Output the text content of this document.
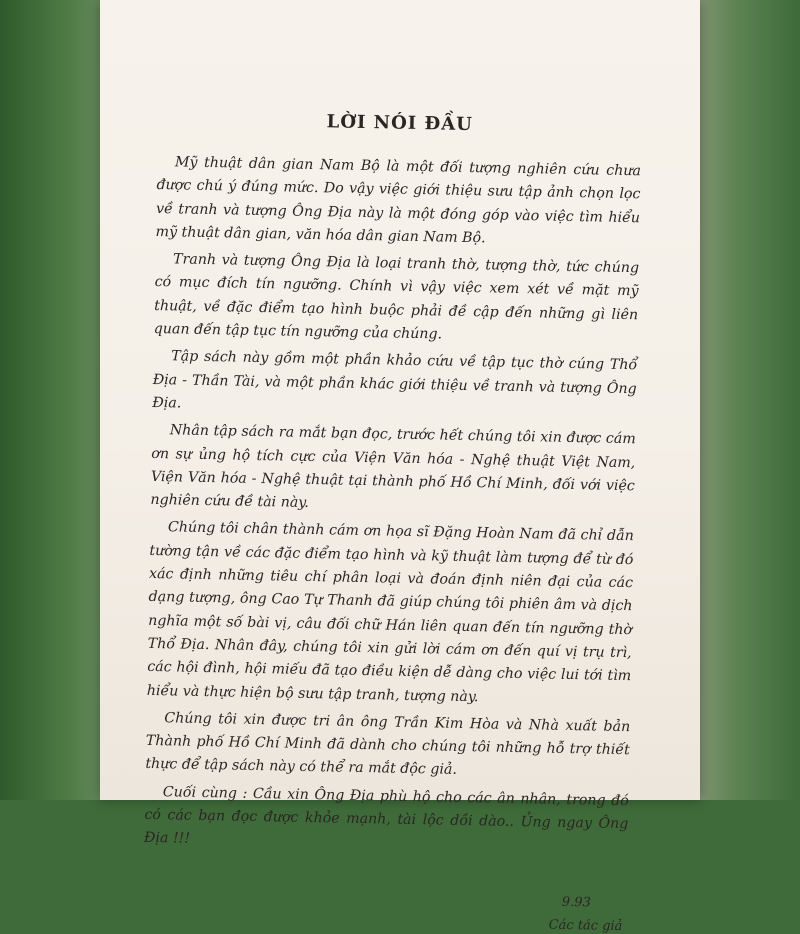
LỜI NÓI ĐẦU

Mỹ thuật dân gian Nam Bộ là một đối tượng nghiên cứu chưa được chú ý đúng mức. Do vậy việc giới thiệu sưu tập ảnh chọn lọc về tranh và tượng Ông Địa này là một đóng góp vào việc tìm hiểu mỹ thuật dân gian, văn hóa dân gian Nam Bộ.

Tranh và tượng Ông Địa là loại tranh thờ, tượng thờ, tức chúng có mục đích tín ngưỡng. Chính vì vậy việc xem xét về mặt mỹ thuật, về đặc điểm tạo hình buộc phải đề cập đến những gì liên quan đến tập tục tín ngưỡng của chúng.

Tập sách này gồm một phần khảo cứu về tập tục thờ cúng Thổ Địa - Thần Tài, và một phần khác giới thiệu về tranh và tượng Ông Địa.

Nhân tập sách ra mắt bạn đọc, trước hết chúng tôi xin được cám ơn sự ủng hộ tích cực của Viện Văn hóa - Nghệ thuật Việt Nam, Viện Văn hóa - Nghệ thuật tại thành phố Hồ Chí Minh, đối với việc nghiên cứu đề tài này.

Chúng tôi chân thành cám ơn họa sĩ Đặng Hoàn Nam đã chỉ dẫn tường tận về các đặc điểm tạo hình và kỹ thuật làm tượng để từ đó xác định những tiêu chí phân loại và đoán định niên đại của các dạng tượng, ông Cao Tự Thanh đã giúp chúng tôi phiên âm và dịch nghĩa một số bài vị, câu đối chữ Hán liên quan đến tín ngưỡng thờ Thổ Địa. Nhân đây, chúng tôi xin gửi lời cám ơn đến quí vị trụ trì, các hội đình, hội miếu đã tạo điều kiện dễ dàng cho việc lui tới tìm hiểu và thực hiện bộ sưu tập tranh, tượng này.

Chúng tôi xin được tri ân ông Trần Kim Hòa và Nhà xuất bản Thành phố Hồ Chí Minh đã dành cho chúng tôi những hỗ trợ thiết thực để tập sách này có thể ra mắt độc giả.

Cuối cùng : Cầu xin Ông Địa phù hộ cho các ân nhân, trong đó có các bạn đọc được khỏe mạnh, tài lộc dồi dào.. Ủng ngay Ông Địa !!!

9.93
Các tác giả
